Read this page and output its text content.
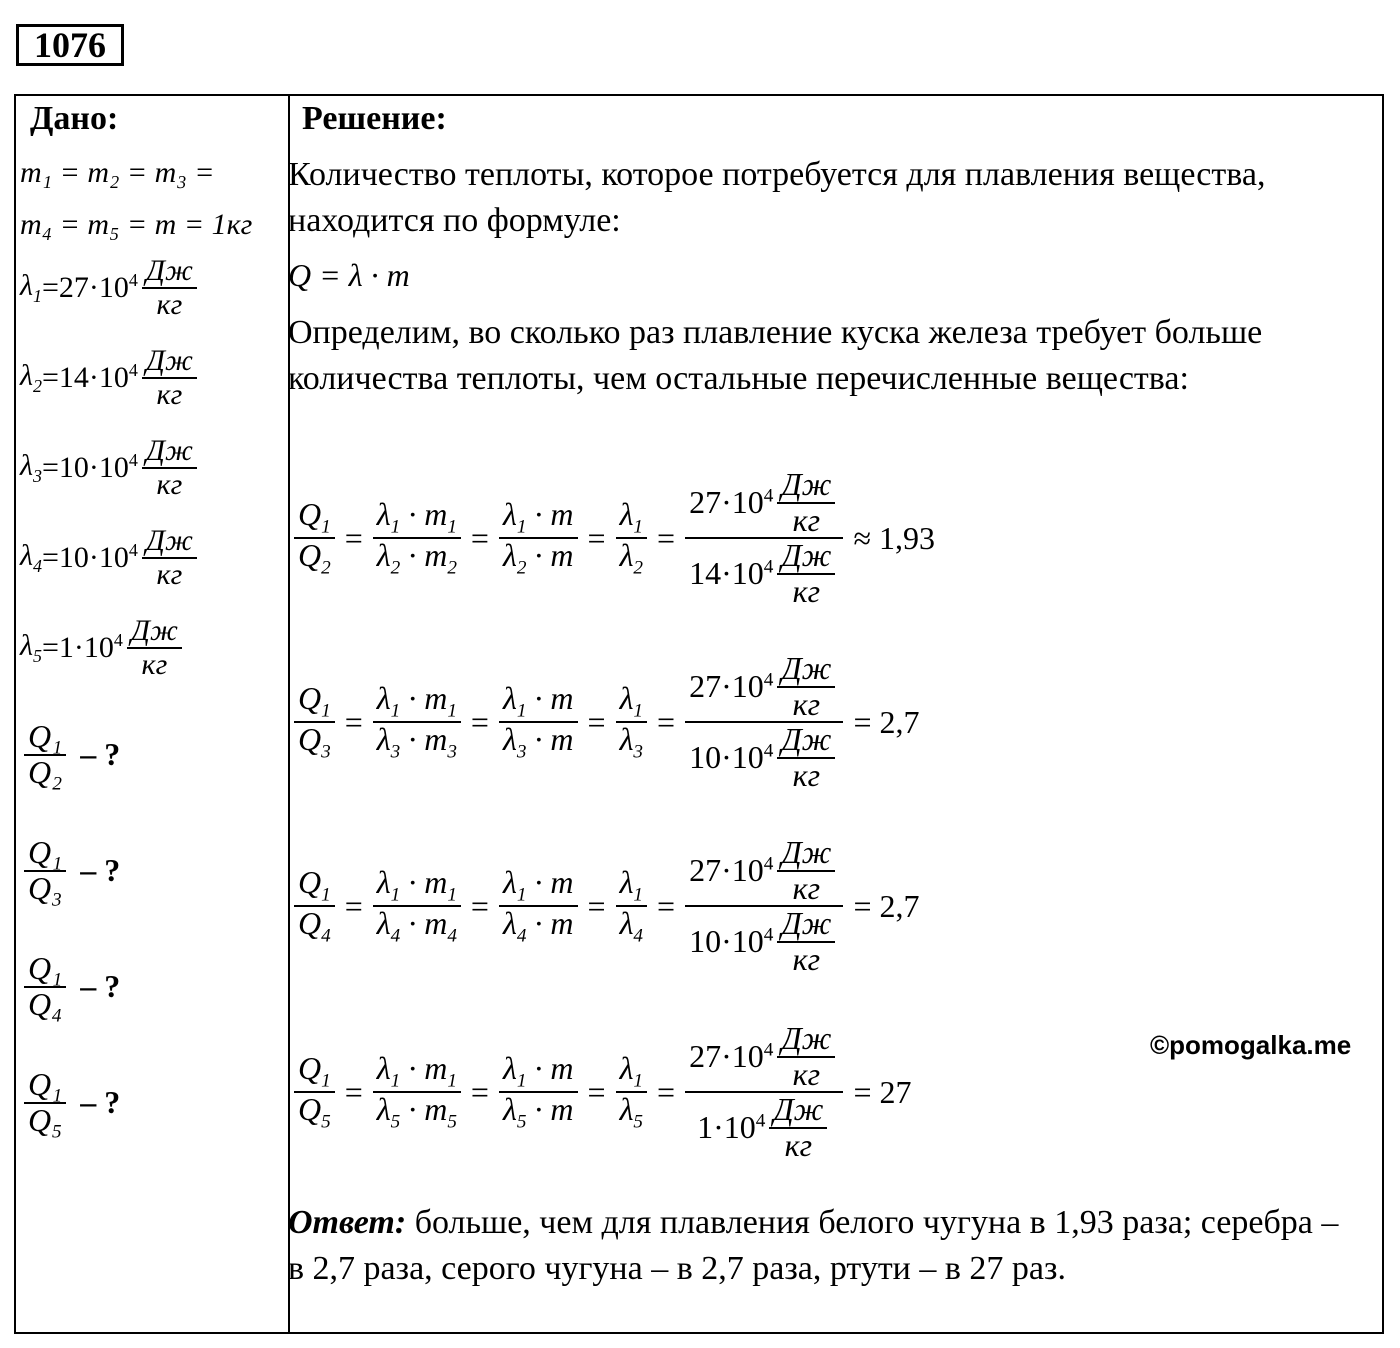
1076
Дано:	Решение:
m₁ = m₂ = m₃ =
m₄ = m₅ = m = 1кг
Количество теплоты, которое потребуется для плавления вещества, находится по формуле:
Q = λ · m
Определим, во сколько раз плавление куска железа требует больше количества теплоты, чем остальные перечисленные вещества:
©pomogalka.me
Ответ: больше, чем для плавления белого чугуна в 1,93 раза; серебра – в 2,7 раза, серого чугуна – в 2,7 раза, ртути – в 27 раз.
$\lambda_1 = 27\cdot 10^4 \frac{Дж}{кг}$
$\lambda_2 = 14\cdot 10^4 \frac{Дж}{кг}$
$\lambda_3 = 10\cdot 10^4 \frac{Дж}{кг}$
$\lambda_4 = 10\cdot 10^4 \frac{Дж}{кг}$
$\lambda_5 = 1\cdot 10^4 \frac{Дж}{кг}$
$\frac{\text{Q₁}}{\text{Q₂}}$ – ?
$\frac{\text{Q₁}}{\text{Q₃}}$ – ?
$\frac{\text{Q₁}}{\text{Q₄}}$ – ?
$\frac{\text{Q₁}}{\text{Q₅}}$ – ?
$\frac{Q_1}{Q_2} = \frac{\lambda_1 \cdot m_1}{\lambda_2 \cdot m_2} = \frac{\lambda_1 \cdot m}{\lambda_2 \cdot m} = \frac{\lambda_1}{\lambda_2} = \frac{27\cdot 10^4 \frac{Дж}{кг}}{14\cdot 10^4 \frac{Дж}{кг}} \approx 1,93$
$\frac{Q_1}{Q_3} = \frac{\lambda_1 \cdot m_1}{\lambda_3 \cdot m_3} = \frac{\lambda_1 \cdot m}{\lambda_3 \cdot m} = \frac{\lambda_1}{\lambda_3} = \frac{27\cdot 10^4 \frac{Дж}{кг}}{10\cdot 10^4 \frac{Дж}{кг}} = 2,7$
$\frac{Q_1}{Q_4} = \frac{\lambda_1 \cdot m_1}{\lambda_4 \cdot m_4} = \frac{\lambda_1 \cdot m}{\lambda_4 \cdot m} = \frac{\lambda_1}{\lambda_4} = \frac{27\cdot 10^4 \frac{Дж}{кг}}{10\cdot 10^4 \frac{Дж}{кг}} = 2,7$
$\frac{Q_1}{Q_5} = \frac{\lambda_1 \cdot m_1}{\lambda_5 \cdot m_5} = \frac{\lambda_1 \cdot m}{\lambda_5 \cdot m} = \frac{\lambda_1}{\lambda_5} = \frac{27\cdot 10^4 \frac{Дж}{кг}}{1\cdot 10^4 \frac{Дж}{кг}} = 27$
